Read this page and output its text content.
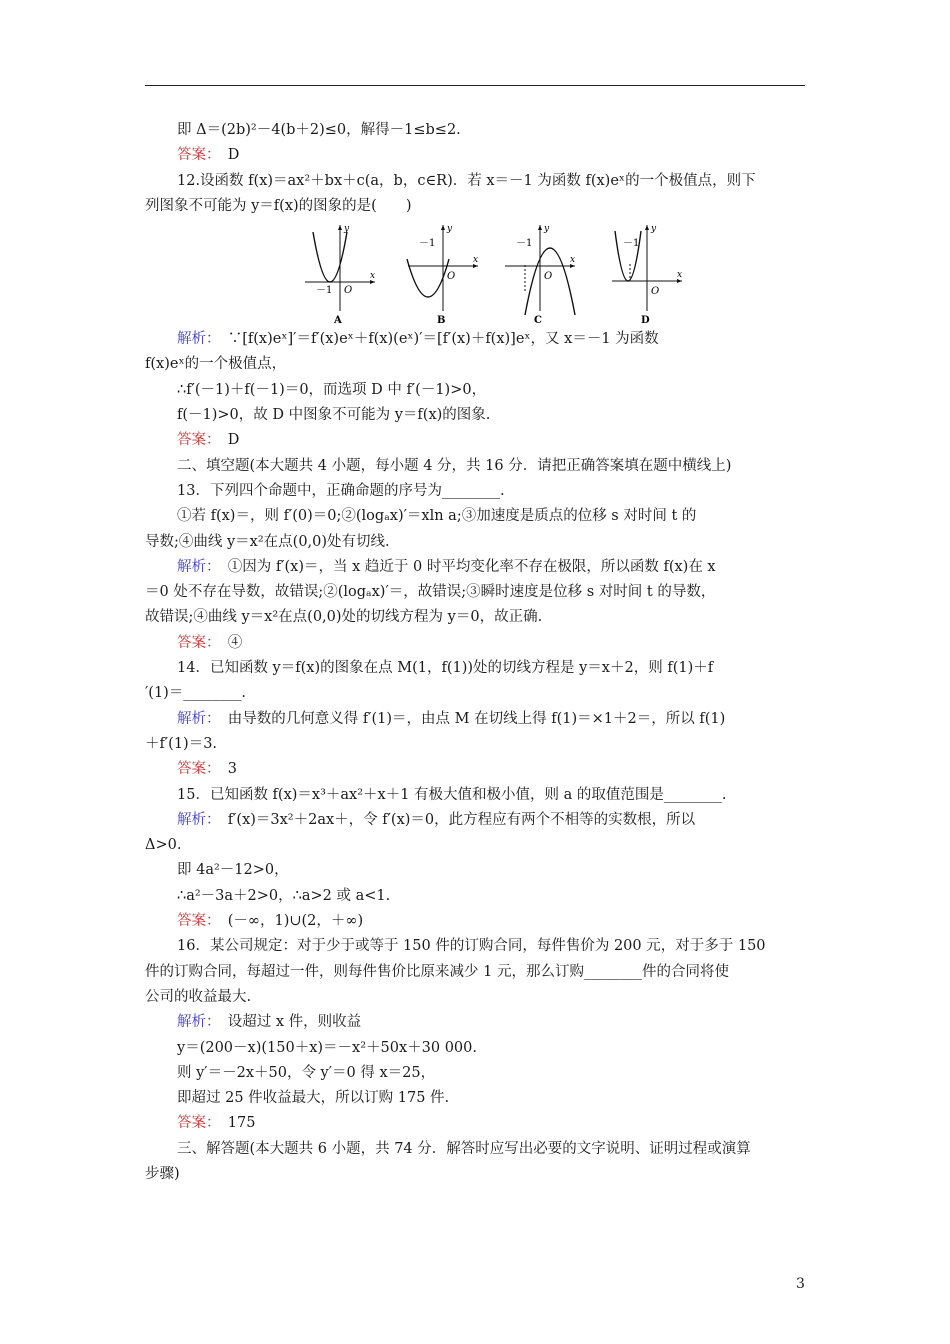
即 Δ＝(2b)²－4(b＋2)≤0，解得－1≤b≤2.
答案：　D
12.设函数 f(x)＝ax²＋bx＋c(a，b，c∈R)．若 x＝－1 为函数 f(x)eˣ的一个极值点，则下
列图象不可能为 y＝f(x)的图象的是(　　)
y
x
O
－1
A
y
x
O
－1
B
y
x
O
－1
C
y
x
O
－1
D
解析：　∵[f(x)eˣ]′＝f′(x)eˣ＋f(x)(eˣ)′＝[f′(x)＋f(x)]eˣ，又 x＝－1 为函数
f(x)eˣ的一个极值点，
∴f′(－1)＋f(－1)＝0，而选项 D 中 f′(－1)>0，
f(－1)>0，故 D 中图象不可能为 y＝f(x)的图象.
答案：　D
二、填空题(本大题共 4 小题，每小题 4 分，共 16 分．请把正确答案填在题中横线上)
13．下列四个命题中，正确命题的序号为________.
①若 f(x)＝，则 f′(0)＝0;②(logₐx)′＝xln a;③加速度是质点的位移 s 对时间 t 的
导数;④曲线 y＝x²在点(0,0)处有切线.
解析：　①因为 f′(x)＝，当 x 趋近于 0 时平均变化率不存在极限，所以函数 f(x)在 x
＝0 处不存在导数，故错误;②(logₐx)′＝，故错误;③瞬时速度是位移 s 对时间 t 的导数，
故错误;④曲线 y＝x²在点(0,0)处的切线方程为 y＝0，故正确.
答案：　④
14．已知函数 y＝f(x)的图象在点 M(1，f(1))处的切线方程是 y＝x＋2，则 f(1)＋f
′(1)＝________.
解析：　由导数的几何意义得 f′(1)＝，由点 M 在切线上得 f(1)＝×1＋2＝，所以 f(1)
＋f′(1)＝3.
答案：　3
15．已知函数 f(x)＝x³＋ax²＋x＋1 有极大值和极小值，则 a 的取值范围是________.
解析：　f′(x)＝3x²＋2ax＋，令 f′(x)＝0，此方程应有两个不相等的实数根，所以
Δ>0.
即 4a²－12>0，
∴a²－3a＋2>0，∴a>2 或 a<1.
答案：　(－∞，1)∪(2，＋∞)
16．某公司规定：对于少于或等于 150 件的订购合同，每件售价为 200 元，对于多于 150
件的订购合同，每超过一件，则每件售价比原来减少 1 元，那么订购________件的合同将使
公司的收益最大.
解析：　设超过 x 件，则收益
y＝(200－x)(150＋x)＝－x²＋50x＋30 000.
则 y′＝－2x＋50，令 y′＝0 得 x＝25，
即超过 25 件收益最大，所以订购 175 件.
答案：　175
三、解答题(本大题共 6 小题，共 74 分．解答时应写出必要的文字说明、证明过程或演算
步骤)
3
